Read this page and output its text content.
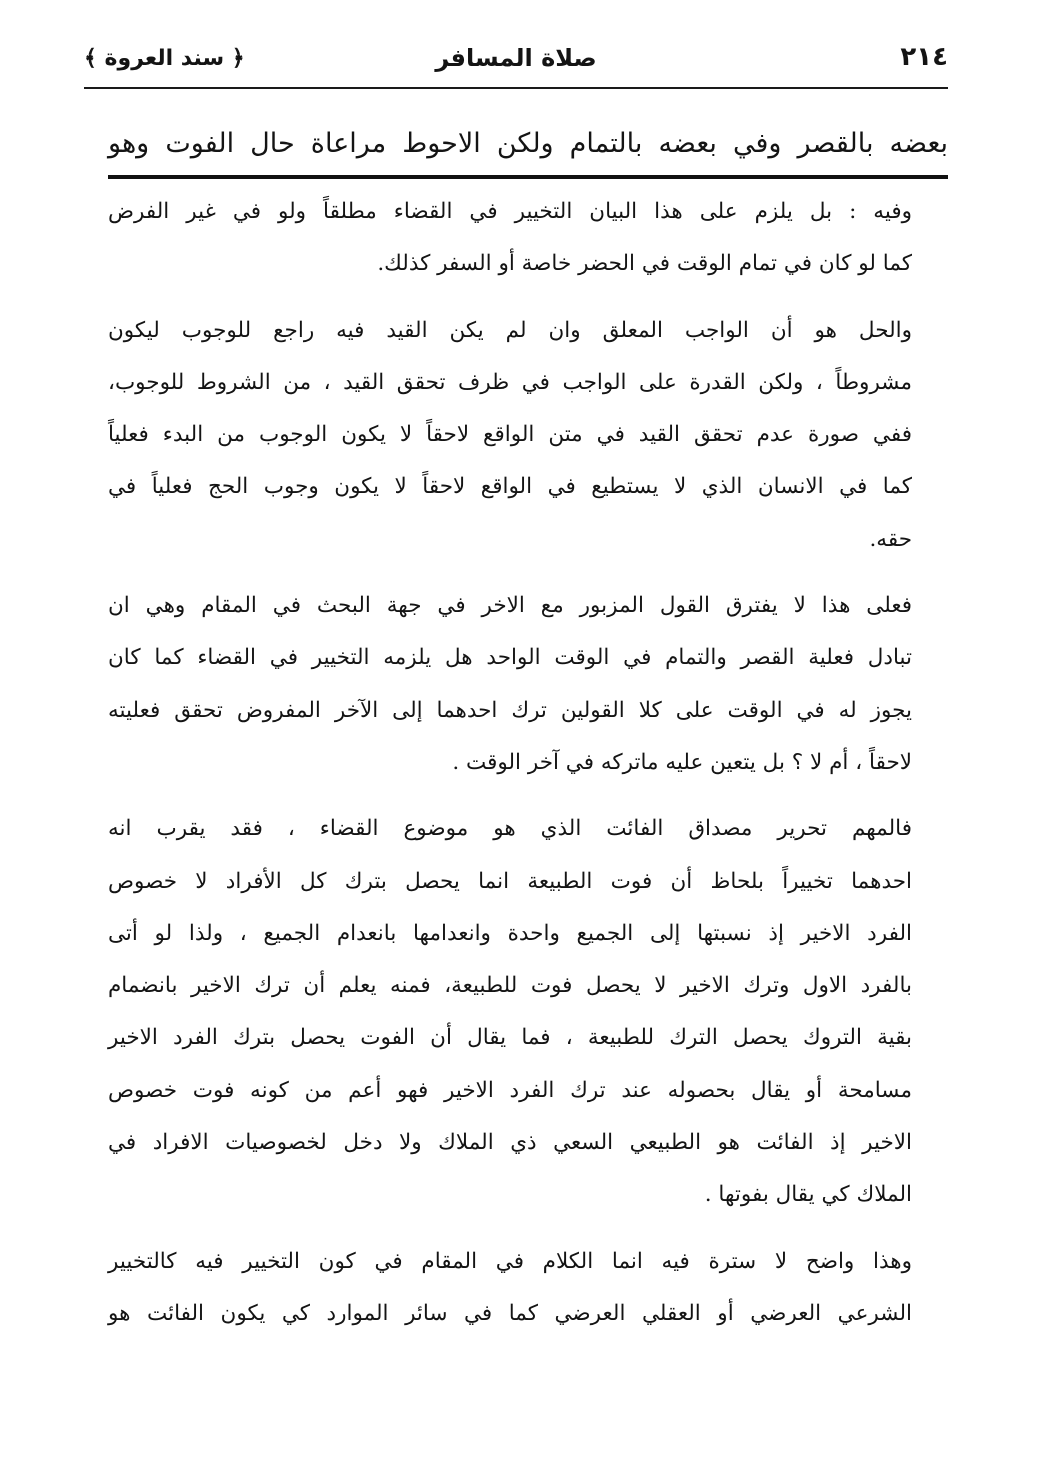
﴿ سند العروة ﴾	صلاة المسافر	٢١٤
بعضه بالقصر وفي بعضه بالتمام ولكن الاحوط مراعاة حال الفوت وهو

وفيه : بل يلزم على هذا البيان التخيير في القضاء مطلقاً ولو في غير الفرض
كما لو كان في تمام الوقت في الحضر خاصة أو السفر كذلك.

والحل هو أن الواجب المعلق وان لم يكن القيد فيه راجع للوجوب ليكون
مشروطاً ، ولكن القدرة على الواجب في ظرف تحقق القيد ، من الشروط للوجوب،
ففي صورة عدم تحقق القيد في متن الواقع لاحقاً لا يكون الوجوب من البدء فعلياً
كما في الانسان الذي لا يستطيع في الواقع لاحقاً لا يكون وجوب الحج فعلياً في
حقه.

فعلى هذا لا يفترق القول المزبور مع الاخر في جهة البحث في المقام وهي ان
تبادل فعلية القصر والتمام في الوقت الواحد هل يلزمه التخيير في القضاء كما كان
يجوز له في الوقت على كلا القولين ترك احدهما إلى الآخر المفروض تحقق فعليته
لاحقاً ، أم لا ؟ بل يتعين عليه ماتركه في آخر الوقت .

فالمهم تحرير مصداق الفائت الذي هو موضوع القضاء ، فقد يقرب انه
احدهما تخييراً بلحاظ أن فوت الطبيعة انما يحصل بترك كل الأفراد لا خصوص
الفرد الاخير إذ نسبتها إلى الجميع واحدة وانعدامها بانعدام الجميع ، ولذا لو أتى
بالفرد الاول وترك الاخير لا يحصل فوت للطبيعة، فمنه يعلم أن ترك الاخير بانضمام
بقية التروك يحصل الترك للطبيعة ، فما يقال أن الفوت يحصل بترك الفرد الاخير
مسامحة أو يقال بحصوله عند ترك الفرد الاخير فهو أعم من كونه فوت خصوص
الاخير إذ الفائت هو الطبيعي السعي ذي الملاك ولا دخل لخصوصيات الافراد في
الملاك كي يقال بفوتها .

وهذا واضح لا سترة فيه انما الكلام في المقام في كون التخيير فيه كالتخيير
الشرعي العرضي أو العقلي العرضي كما في سائر الموارد كي يكون الفائت هو
